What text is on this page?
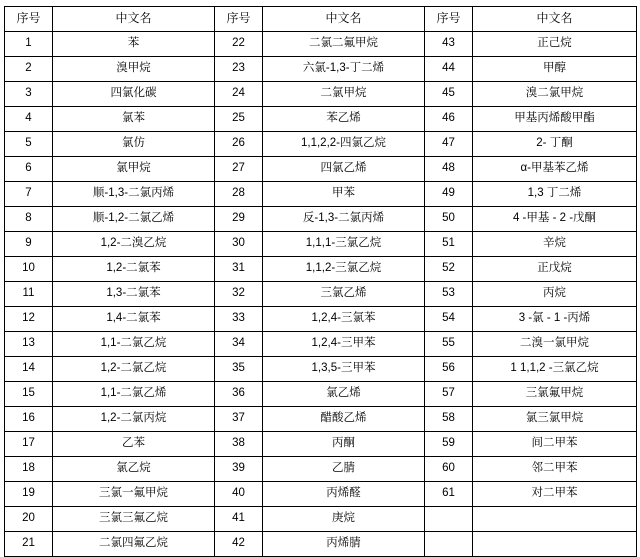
序号	中文名	序号	中文名	序号	中文名
1	苯	22	二氯二氟甲烷	43	正己烷
2	溴甲烷	23	六氯-1,3-丁二烯	44	甲醇
3	四氯化碳	24	二氯甲烷	45	溴二氯甲烷
4	氯苯	25	苯乙烯	46	甲基丙烯酸甲酯
5	氯仿	26	1,1,2,2-四氯乙烷	47	2- 丁酮
6	氯甲烷	27	四氯乙烯	48	α-甲基苯乙烯
7	顺-1,3-二氯丙烯	28	甲苯	49	1,3 丁二烯
8	顺-1,2-二氯乙烯	29	反-1,3-二氯丙烯	50	4 -甲基 - 2 -戊酮
9	1,2-二溴乙烷	30	1,1,1-三氯乙烷	51	辛烷
10	1,2-二氯苯	31	1,1,2-三氯乙烷	52	正戊烷
11	1,3-二氯苯	32	三氯乙烯	53	丙烷
12	1,4-二氯苯	33	1,2,4-三氯苯	54	3 -氯 - 1 -丙烯
13	1,1-二氯乙烷	34	1,2,4-三甲苯	55	二溴一氯甲烷
14	1,2-二氯乙烷	35	1,3,5-三甲苯	56	1 1,1,2 -三氯乙烷
15	1,1-二氯乙烯	36	氯乙烯	57	三氯氟甲烷
16	1,2-二氯丙烷	37	醋酸乙烯	58	氯三氯甲烷
17	乙苯	38	丙酮	59	间二甲苯
18	氯乙烷	39	乙腈	60	邻二甲苯
19	三氯一氟甲烷	40	丙烯醛	61	对二甲苯
20	三氯三氟乙烷	41	庚烷		
21	二氯四氟乙烷	42	丙烯腈		
